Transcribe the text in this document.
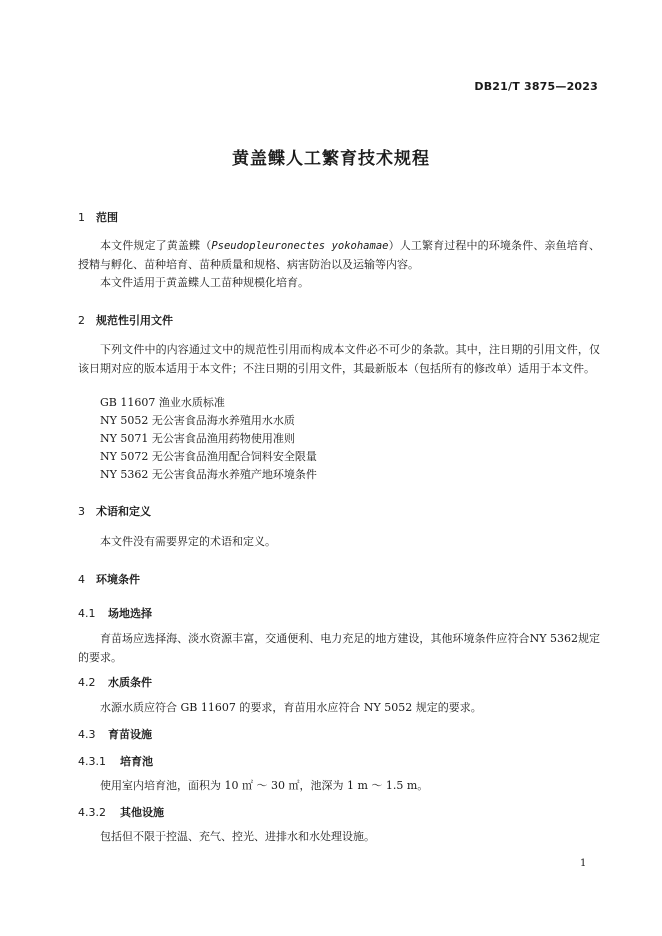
DB21/T 3875—2023
黄盖鲽人工繁育技术规程
1 范围
本文件规定了黄盖鲽（Pseudopleuronectes yokohamae）人工繁育过程中的环境条件、亲鱼培育、授精与孵化、苗种培育、苗种质量和规格、病害防治以及运输等内容。
本文件适用于黄盖鲽人工苗种规模化培育。
2 规范性引用文件
下列文件中的内容通过文中的规范性引用而构成本文件必不可少的条款。其中，注日期的引用文件，仅该日期对应的版本适用于本文件；不注日期的引用文件，其最新版本（包括所有的修改单）适用于本文件。
GB 11607 渔业水质标准
NY 5052 无公害食品海水养殖用水水质
NY 5071 无公害食品渔用药物使用准则
NY 5072 无公害食品渔用配合饲料安全限量
NY 5362 无公害食品海水养殖产地环境条件
3 术语和定义
本文件没有需要界定的术语和定义。
4 环境条件
4.1 场地选择
育苗场应选择海、淡水资源丰富，交通便利、电力充足的地方建设，其他环境条件应符合NY 5362规定的要求。
4.2 水质条件
水源水质应符合 GB 11607 的要求，育苗用水应符合 NY 5052 规定的要求。
4.3 育苗设施
4.3.1 培育池
使用室内培育池，面积为 10 ㎡ ～ 30 ㎡，池深为 1 m ～ 1.5 m。
4.3.2 其他设施
包括但不限于控温、充气、控光、进排水和水处理设施。
1
